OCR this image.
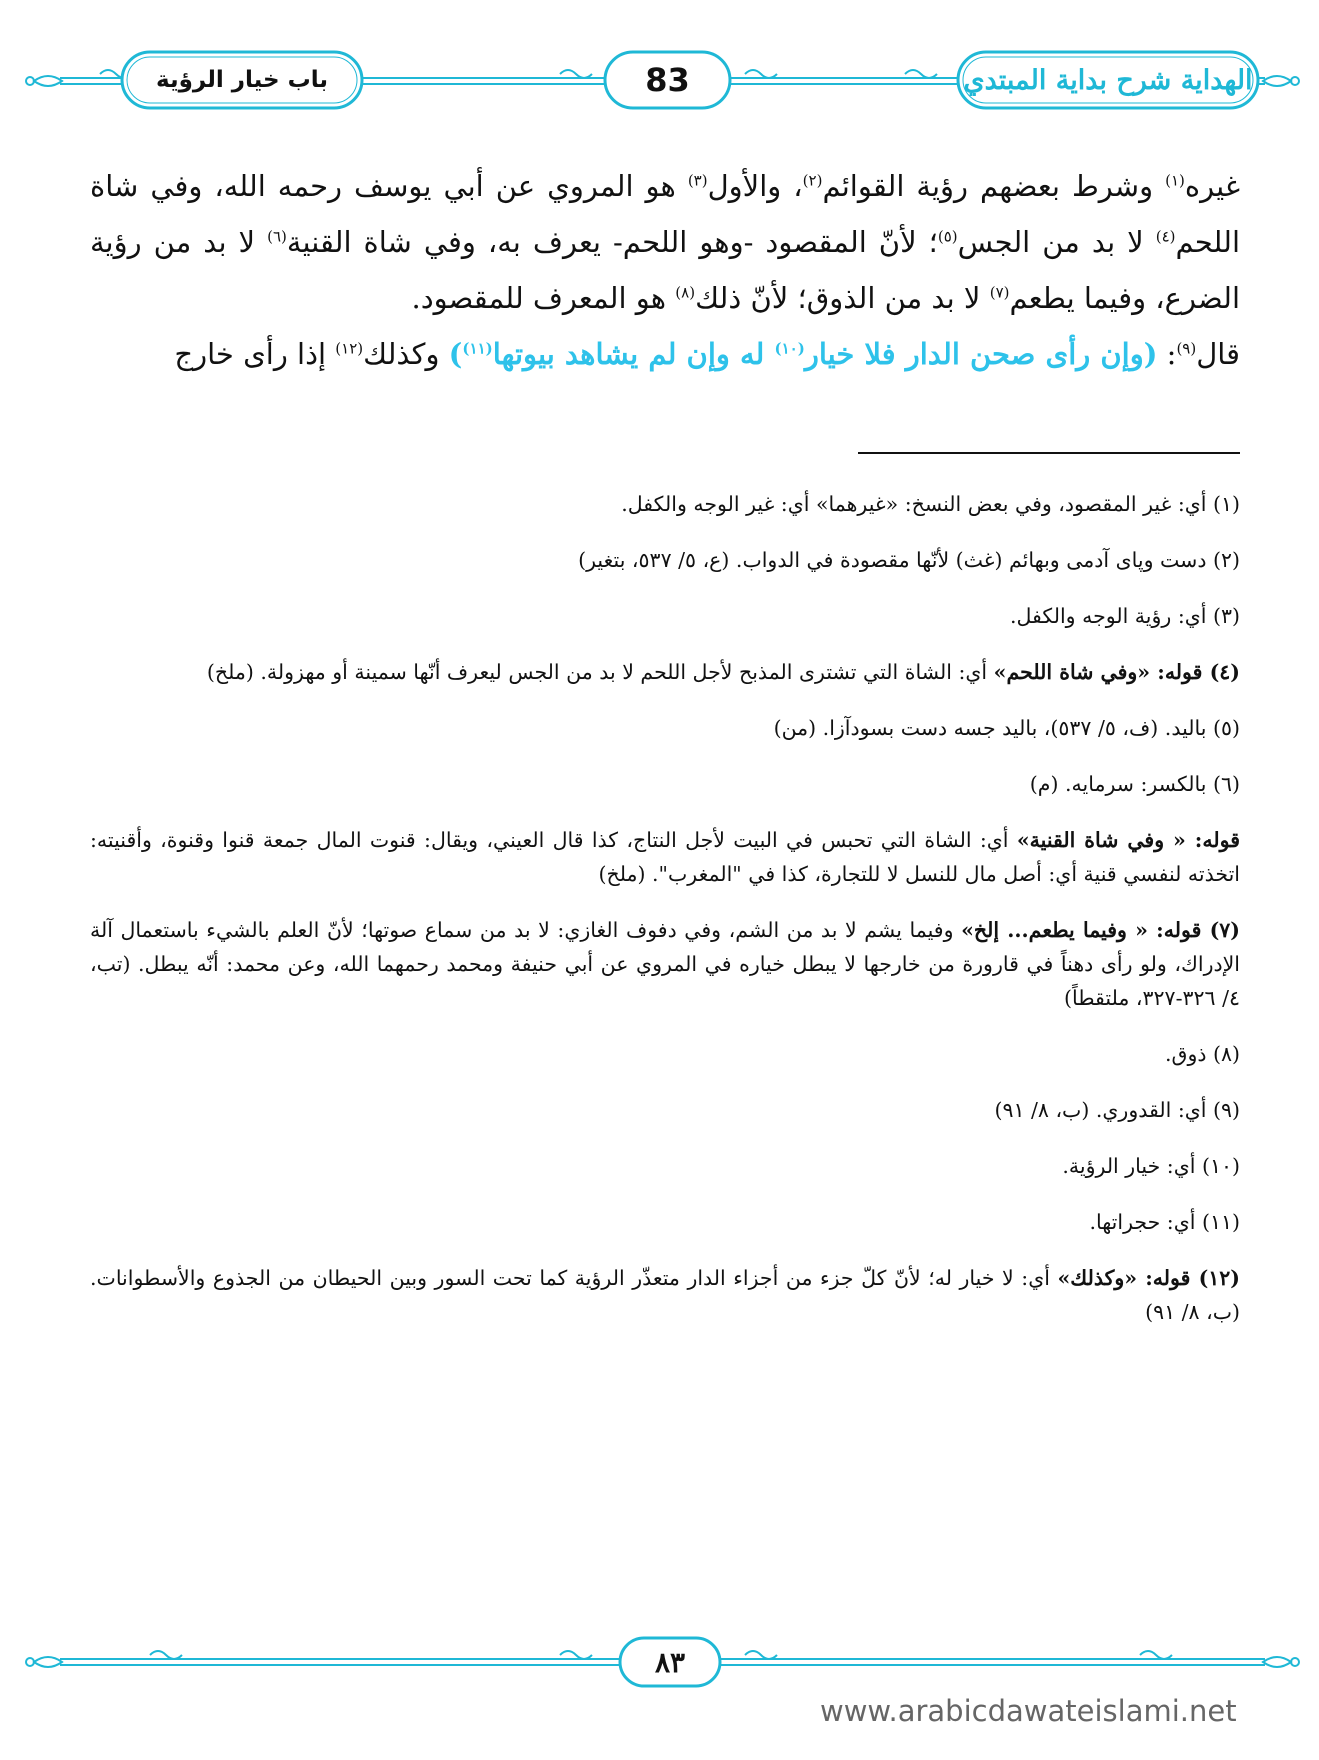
باب خيار الرؤية	83	الهداية شرح بداية المبتدي

غيره$^{(١)}$ وشرط بعضهم رؤية القوائم$^{(٢)}$، والأول$^{(٣)}$ هو المروي عن أبي يوسف رحمه الله، وفي شاة اللحم$^{(٤)}$ لا بد من الجس$^{(٥)}$؛ لأنّ المقصود -وهو اللحم- يعرف به، وفي شاة القنية$^{(٦)}$ لا بد من رؤية الضرع، وفيما يطعم$^{(٧)}$ لا بد من الذوق؛ لأنّ ذلك$^{(٨)}$ هو المعرف للمقصود.

قال$^{(٩)}$: (وإن رأى صحن الدار فلا خيار$^{(١٠)}$ له وإن لم يشاهد بيوتها$^{(١١)}$) وكذلك$^{(١٢)}$ إذا رأى خارج

(١) أي: غير المقصود، وفي بعض النسخ: «غيرهما» أي: غير الوجه والكفل.

(٢) دست وپاى آدمى وبهائم (غث) لأنّها مقصودة في الدواب. (ع، ٥/ ٥٣٧، بتغير)

(٣) أي: رؤية الوجه والكفل.

(٤) قوله: «وفي شاة اللحم» أي: الشاة التي تشترى المذبح لأجل اللحم لا بد من الجس ليعرف أنّها سمينة أو مهزولة. (ملخ)

(٥) باليد. (ف، ٥/ ٥٣٧)، باليد جسه دست بسودآزا. (من)

(٦) بالكسر: سرمايه. (م)

قوله: « وفي شاة القنية» أي: الشاة التي تحبس في البيت لأجل النتاج، كذا قال العيني، ويقال: قنوت المال جمعة قنوا وقنوة، وأقنيته: اتخذته لنفسي قنية أي: أصل مال للنسل لا للتجارة، كذا في "المغرب". (ملخ)

(٧) قوله: « وفيما يطعم... إلخ» وفيما يشم لا بد من الشم، وفي دفوف الغازي: لا بد من سماع صوتها؛ لأنّ العلم بالشيء باستعمال آلة الإدراك، ولو رأى دهناً في قارورة من خارجها لا يبطل خياره في المروي عن أبي حنيفة ومحمد رحمهما الله، وعن محمد: أنّه يبطل. (تب، ٤/ ٣٢٦-٣٢٧، ملتقطاً)

(٨) ذوق.

(٩) أي: القدوري. (ب، ٨/ ٩١)

(١٠) أي: خيار الرؤية.

(١١) أي: حجراتها.

(١٢) قوله: «وكذلك» أي: لا خيار له؛ لأنّ كلّ جزء من أجزاء الدار متعذّر الرؤية كما تحت السور وبين الحيطان من الجذوع والأسطوانات. (ب، ٨/ ٩١)

٨٣
www.arabicdawateislami.net
